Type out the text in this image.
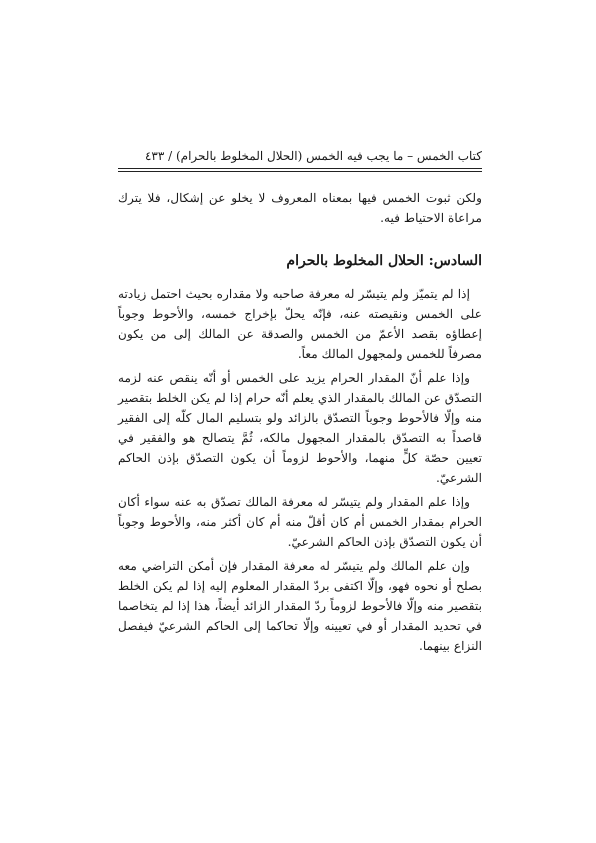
كتاب الخمس – ما يجب فيه الخمس (الحلال المخلوط بالحرام) / ٤٣٣

ولكن ثبوت الخمس فيها بمعناه المعروف لا يخلو عن إشكال، فلا يترك مراعاة الاحتياط فيه.

السادس: الحلال المخلوط بالحرام

إذا لم يتميّز ولم يتيسّر له معرفة صاحبه ولا مقداره بحيث احتمل زيادته على الخمس ونقيصته عنه، فإنّه يحلّ بإخراج خمسه، والأحوط وجوباً إعطاؤه بقصد الأعمّ من الخمس والصدقة عن المالك إلى من يكون مصرفاً للخمس ولمجهول المالك معاً.

وإذا علم أنّ المقدار الحرام يزيد على الخمس أو أنّه ينقص عنه لزمه التصدّق عن المالك بالمقدار الذي يعلم أنّه حرام إذا لم يكن الخلط بتقصير منه وإلّا فالأحوط وجوباً التصدّق بالزائد ولو بتسليم المال كلّه إلى الفقير قاصداً به التصدّق بالمقدار المجهول مالكه، ثُمَّ يتصالح هو والفقير في تعيين حصّة كلٍّ منهما، والأحوط لزوماً أن يكون التصدّق بإذن الحاكم الشرعيّ.

وإذا علم المقدار ولم يتيسّر له معرفة المالك تصدّق به عنه سواء أكان الحرام بمقدار الخمس أم كان أقلّ منه أم كان أكثر منه، والأحوط وجوباً أن يكون التصدّق بإذن الحاكم الشرعيّ.

وإن علم المالك ولم يتيسّر له معرفة المقدار فإن أمكن التراضي معه بصلح أو نحوه فهو، وإلّا اكتفى بردّ المقدار المعلوم إليه إذا لم يكن الخلط بتقصير منه وإلّا فالأحوط لزوماً ردّ المقدار الزائد أيضاً، هذا إذا لم يتخاصما في تحديد المقدار أو في تعيينه وإلّا تحاكما إلى الحاكم الشرعيّ فيفصل النزاع بينهما.
